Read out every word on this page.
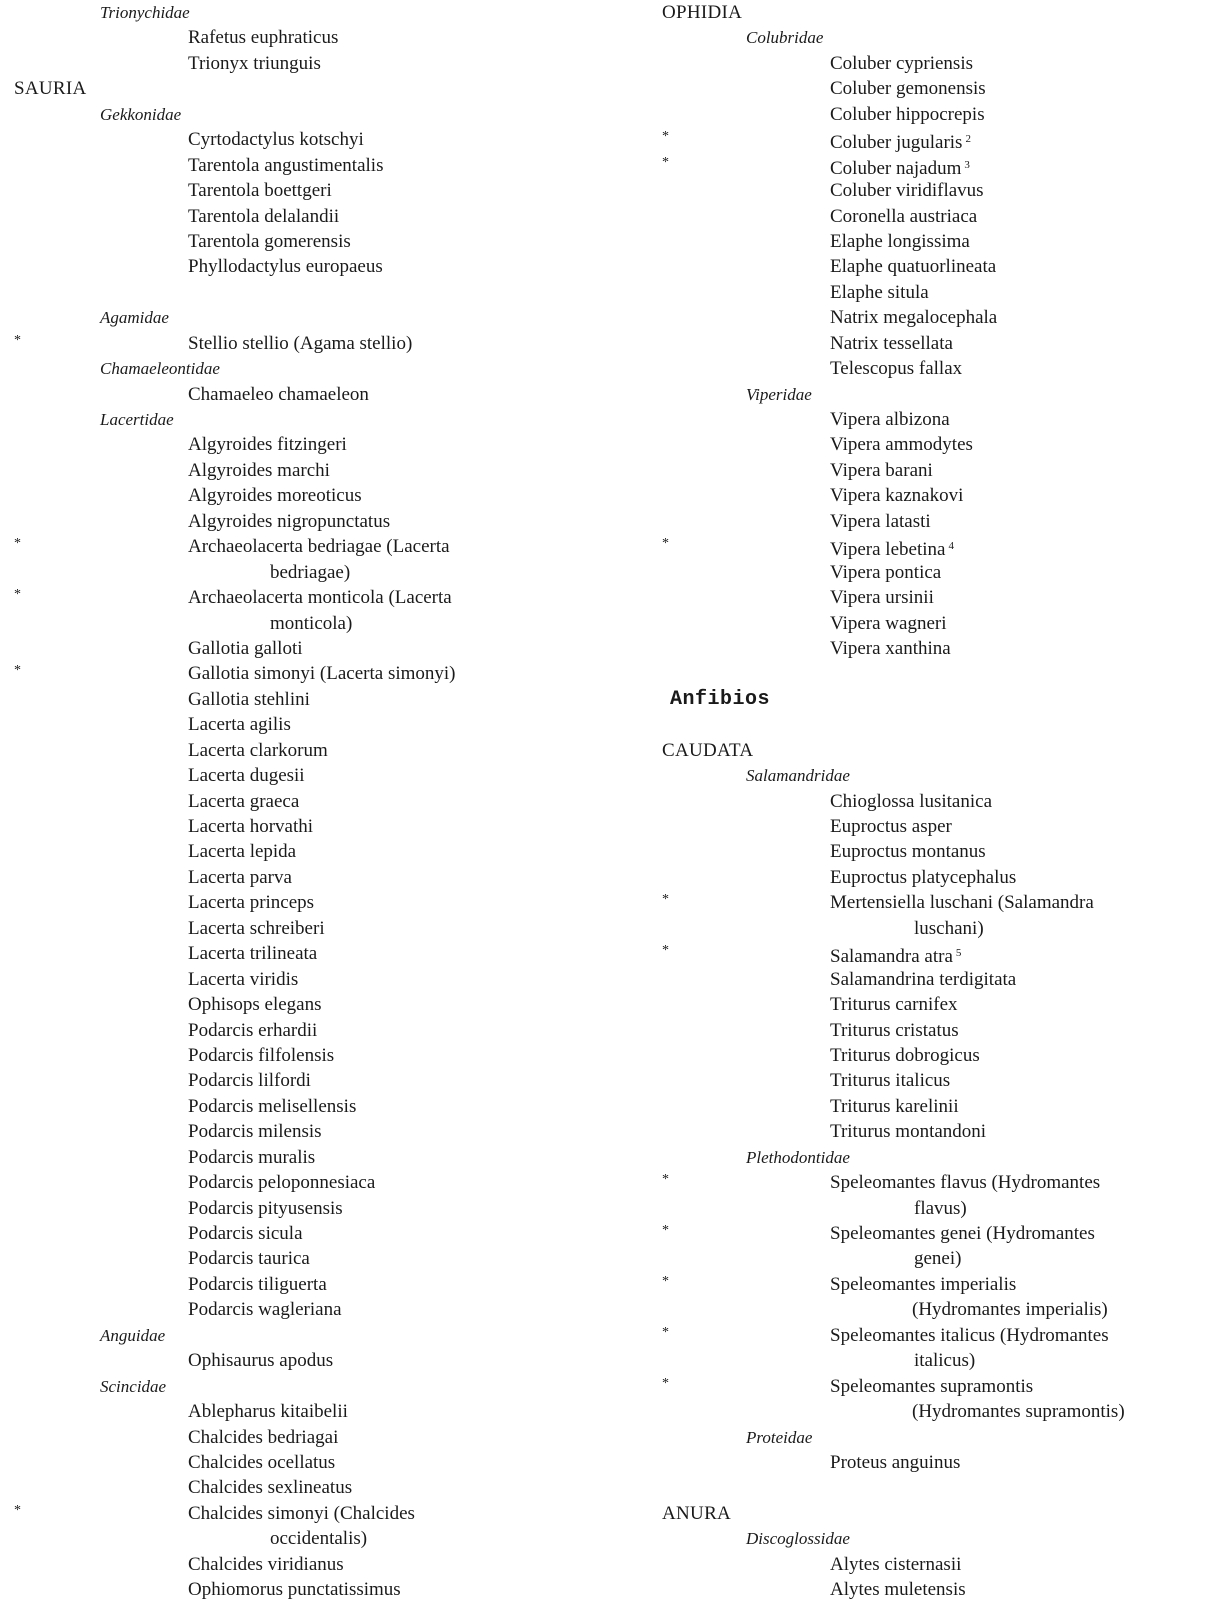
Trionychidae
Rafetus euphraticus
Trionyx triunguis
SAURIA
Gekkonidae
Cyrtodactylus kotschyi
Tarentola angustimentalis
Tarentola boettgeri
Tarentola delalandii
Tarentola gomerensis
Phyllodactylus europaeus
Agamidae
*	Stellio stellio (Agama stellio)
Chamaeleontidae
Chamaeleo chamaeleon
Lacertidae
Algyroides fitzingeri
Algyroides marchi
Algyroides moreoticus
Algyroides nigropunctatus
*	Archaeolacerta bedriagae (Lacerta
bedriagae)
*	Archaeolacerta monticola (Lacerta
monticola)
Gallotia galloti
*	Gallotia simonyi (Lacerta simonyi)
Gallotia stehlini
Lacerta agilis
Lacerta clarkorum
Lacerta dugesii
Lacerta graeca
Lacerta horvathi
Lacerta lepida
Lacerta parva
Lacerta princeps
Lacerta schreiberi
Lacerta trilineata
Lacerta viridis
Ophisops elegans
Podarcis erhardii
Podarcis filfolensis
Podarcis lilfordi
Podarcis melisellensis
Podarcis milensis
Podarcis muralis
Podarcis peloponnesiaca
Podarcis pityusensis
Podarcis sicula
Podarcis taurica
Podarcis tiliguerta
Podarcis wagleriana
Anguidae
Ophisaurus apodus
Scincidae
Ablepharus kitaibelii
Chalcides bedriagai
Chalcides ocellatus
Chalcides sexlineatus
*	Chalcides simonyi (Chalcides
occidentalis)
Chalcides viridianus
Ophiomorus punctatissimus
OPHIDIA
Colubridae
Coluber cypriensis
Coluber gemonensis
Coluber hippocrepis
*	Coluber jugularis $^2$
*	Coluber najadum $^3$
Coluber viridiflavus
Coronella austriaca
Elaphe longissima
Elaphe quatuorlineata
Elaphe situla
Natrix megalocephala
Natrix tessellata
Telescopus fallax
Viperidae
Vipera albizona
Vipera ammodytes
Vipera barani
Vipera kaznakovi
Vipera latasti
*	Vipera lebetina $^4$
Vipera pontica
Vipera ursinii
Vipera wagneri
Vipera xanthina
Anfibios
CAUDATA
Salamandridae
Chioglossa lusitanica
Euproctus asper
Euproctus montanus
Euproctus platycephalus
*	Mertensiella luschani (Salamandra
luschani)
*	Salamandra atra $^5$
Salamandrina terdigitata
Triturus carnifex
Triturus cristatus
Triturus dobrogicus
Triturus italicus
Triturus karelinii
Triturus montandoni
Plethodontidae
*	Speleomantes flavus (Hydromantes
flavus)
*	Speleomantes genei (Hydromantes
genei)
*	Speleomantes imperialis
(Hydromantes imperialis)
*	Speleomantes italicus (Hydromantes
italicus)
*	Speleomantes supramontis
(Hydromantes supramontis)
Proteidae
Proteus anguinus
ANURA
Discoglossidae
Alytes cisternasii
Alytes muletensis
